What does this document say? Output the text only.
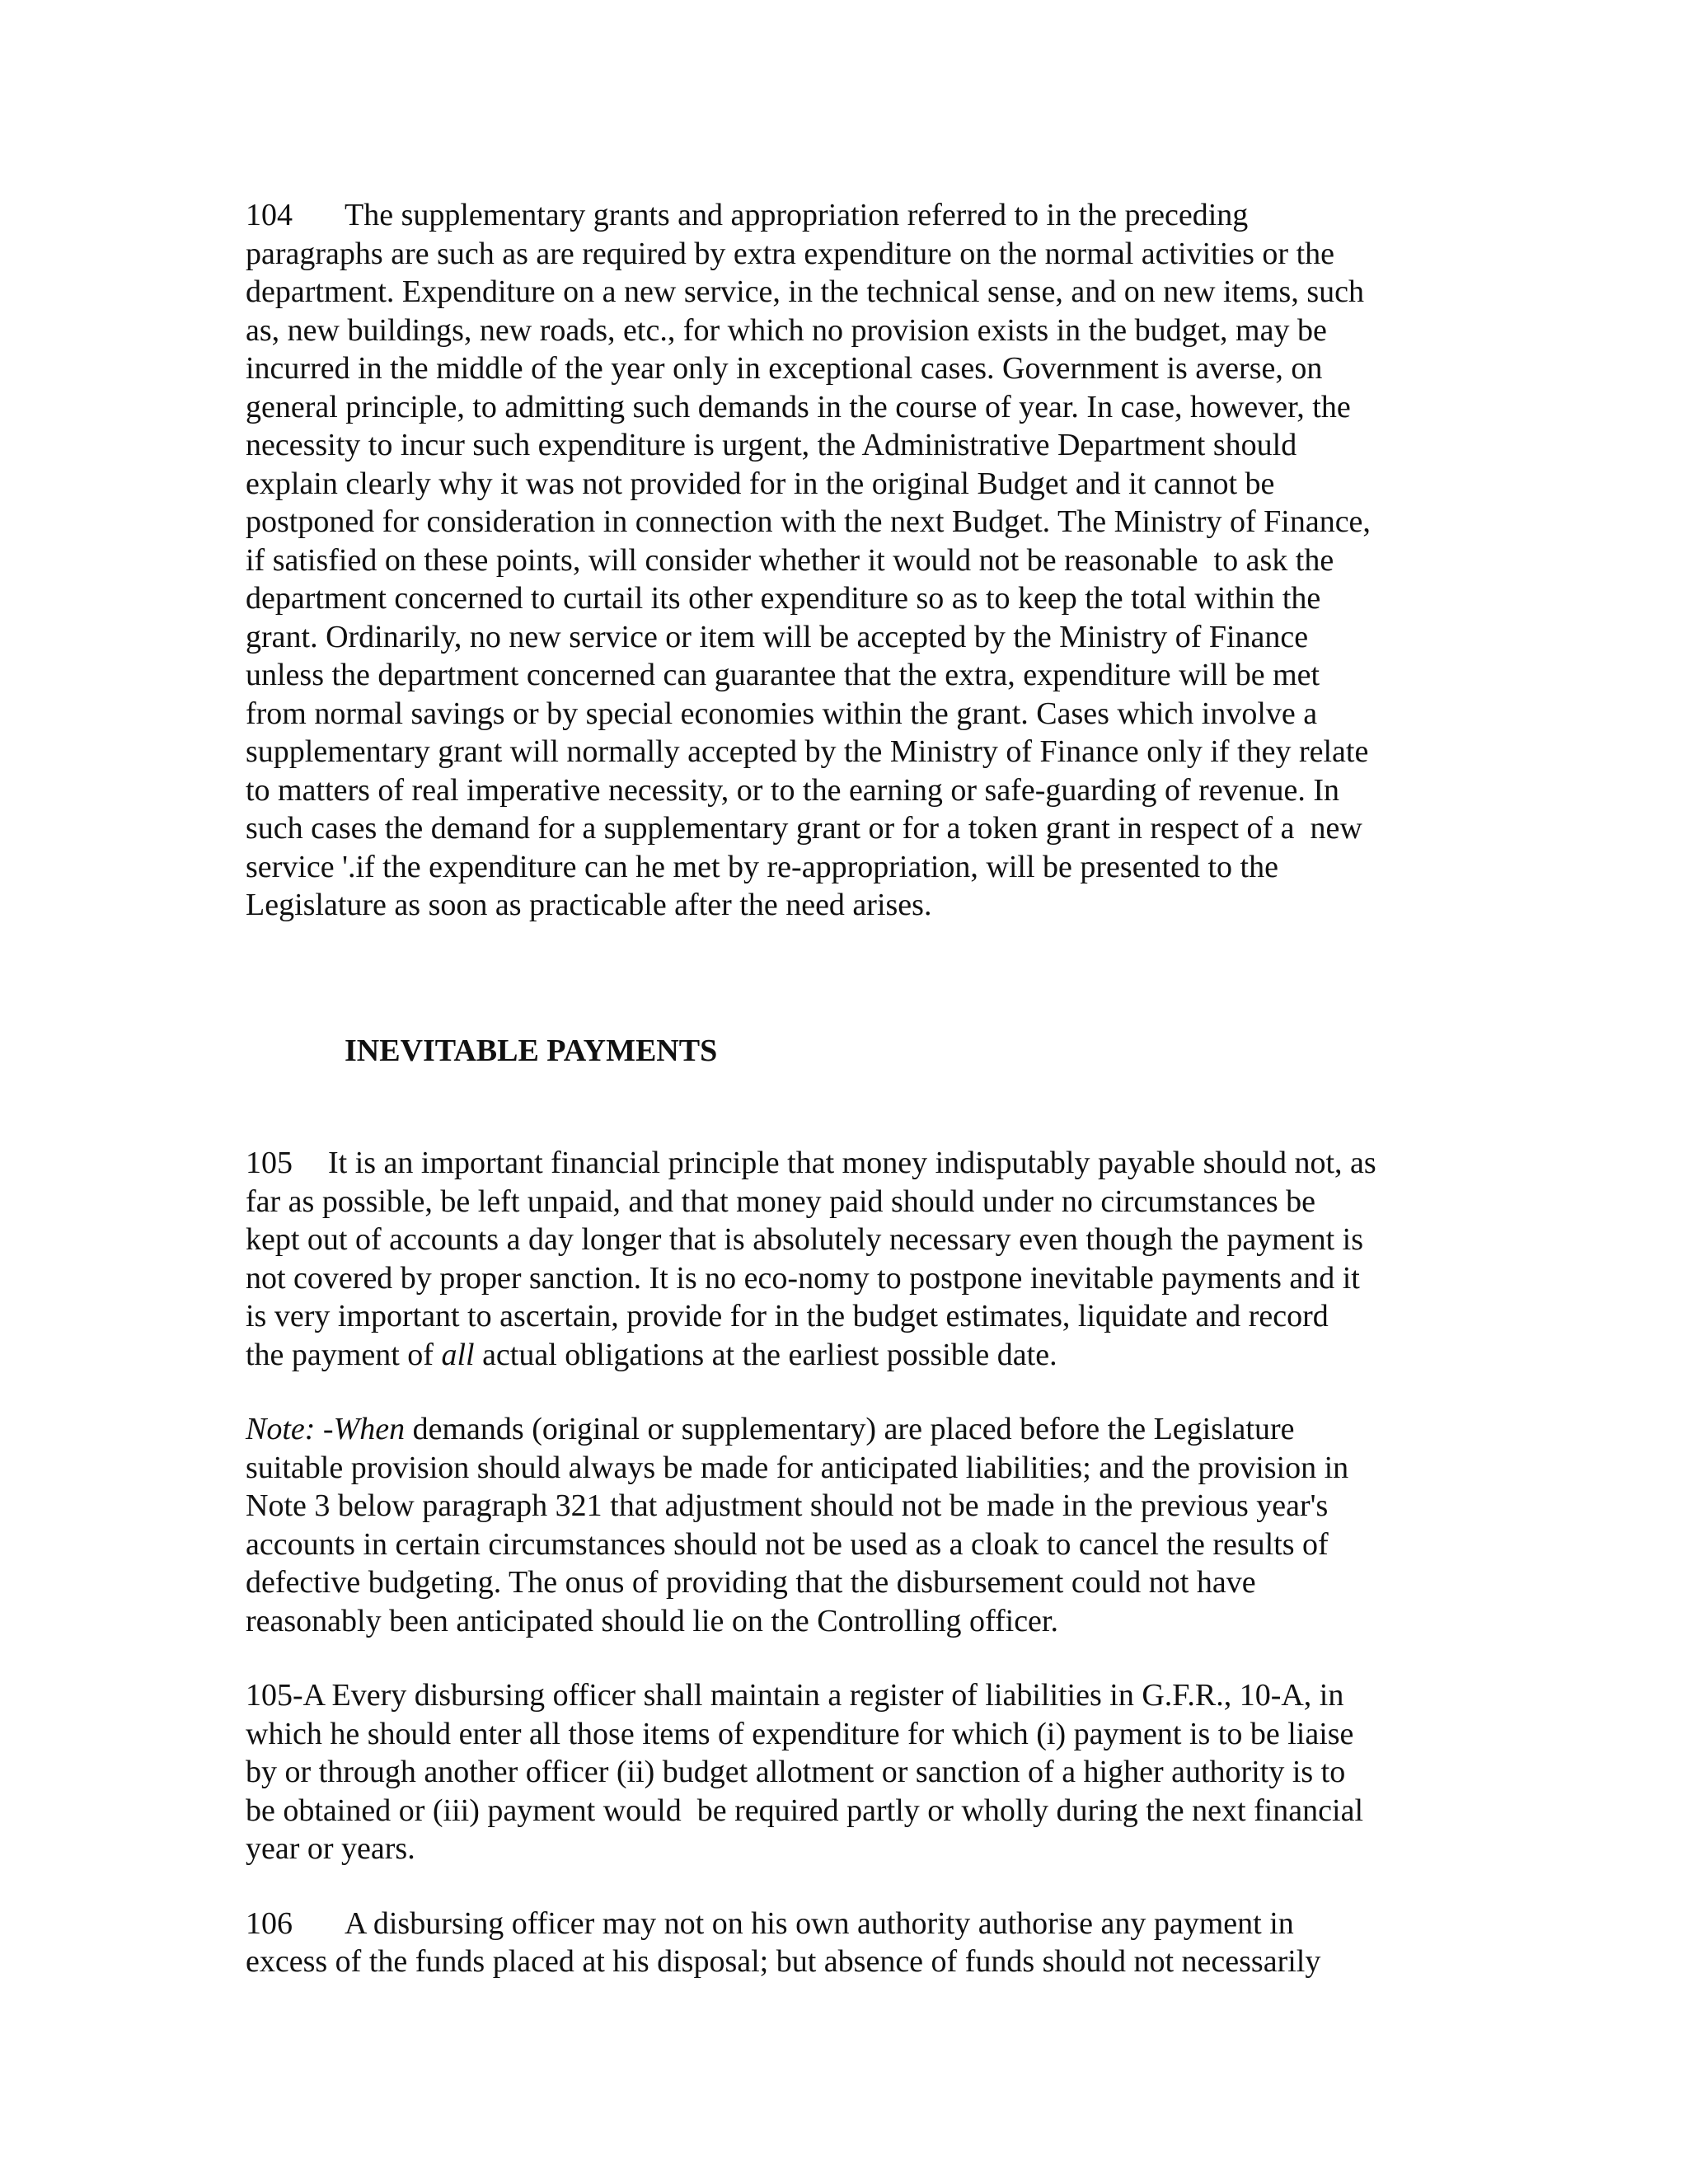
104 The supplementary grants and appropriation referred to in the preceding
paragraphs are such as are required by extra expenditure on the normal activities or the
department. Expenditure on a new service, in the technical sense, and on new items, such
as, new buildings, new roads, etc., for which no provision exists in the budget, may be
incurred in the middle of the year only in exceptional cases. Government is averse, on
general principle, to admitting such demands in the course of year. In case, however, the
necessity to incur such expenditure is urgent, the Administrative Department should
explain clearly why it was not provided for in the original Budget and it cannot be
postponed for consideration in connection with the next Budget. The Ministry of Finance,
if satisfied on these points, will consider whether it would not be reasonable  to ask the
department concerned to curtail its other expenditure so as to keep the total within the
grant. Ordinarily, no new service or item will be accepted by the Ministry of Finance
unless the department concerned can guarantee that the extra, expenditure will be met
from normal savings or by special economies within the grant. Cases which involve a
supplementary grant will normally accepted by the Ministry of Finance only if they relate
to matters of real imperative necessity, or to the earning or safe-guarding of revenue. In
such cases the demand for a supplementary grant or for a token grant in respect of a  new
service '.if the expenditure can he met by re-appropriation, will be presented to the
Legislature as soon as practicable after the need arises.
INEVITABLE PAYMENTS
105 It is an important financial principle that money indisputably payable should not, as
far as possible, be left unpaid, and that money paid should under no circumstances be
kept out of accounts a day longer that is absolutely necessary even though the payment is
not covered by proper sanction. It is no eco-nomy to postpone inevitable payments and it
is very important to ascertain, provide for in the budget estimates, liquidate and record
the payment of all actual obligations at the earliest possible date.
Note: -When demands (original or supplementary) are placed before the Legislature
suitable provision should always be made for anticipated liabilities; and the provision in
Note 3 below paragraph 321 that adjustment should not be made in the previous year's
accounts in certain circumstances should not be used as a cloak to cancel the results of
defective budgeting. The onus of providing that the disbursement could not have
reasonably been anticipated should lie on the Controlling officer.
105-A Every disbursing officer shall maintain a register of liabilities in G.F.R., 10-A, in
which he should enter all those items of expenditure for which (i) payment is to be liaise
by or through another officer (ii) budget allotment or sanction of a higher authority is to
be obtained or (iii) payment would  be required partly or wholly during the next financial
year or years.
106 A disbursing officer may not on his own authority authorise any payment in
excess of the funds placed at his disposal; but absence of funds should not necessarily
